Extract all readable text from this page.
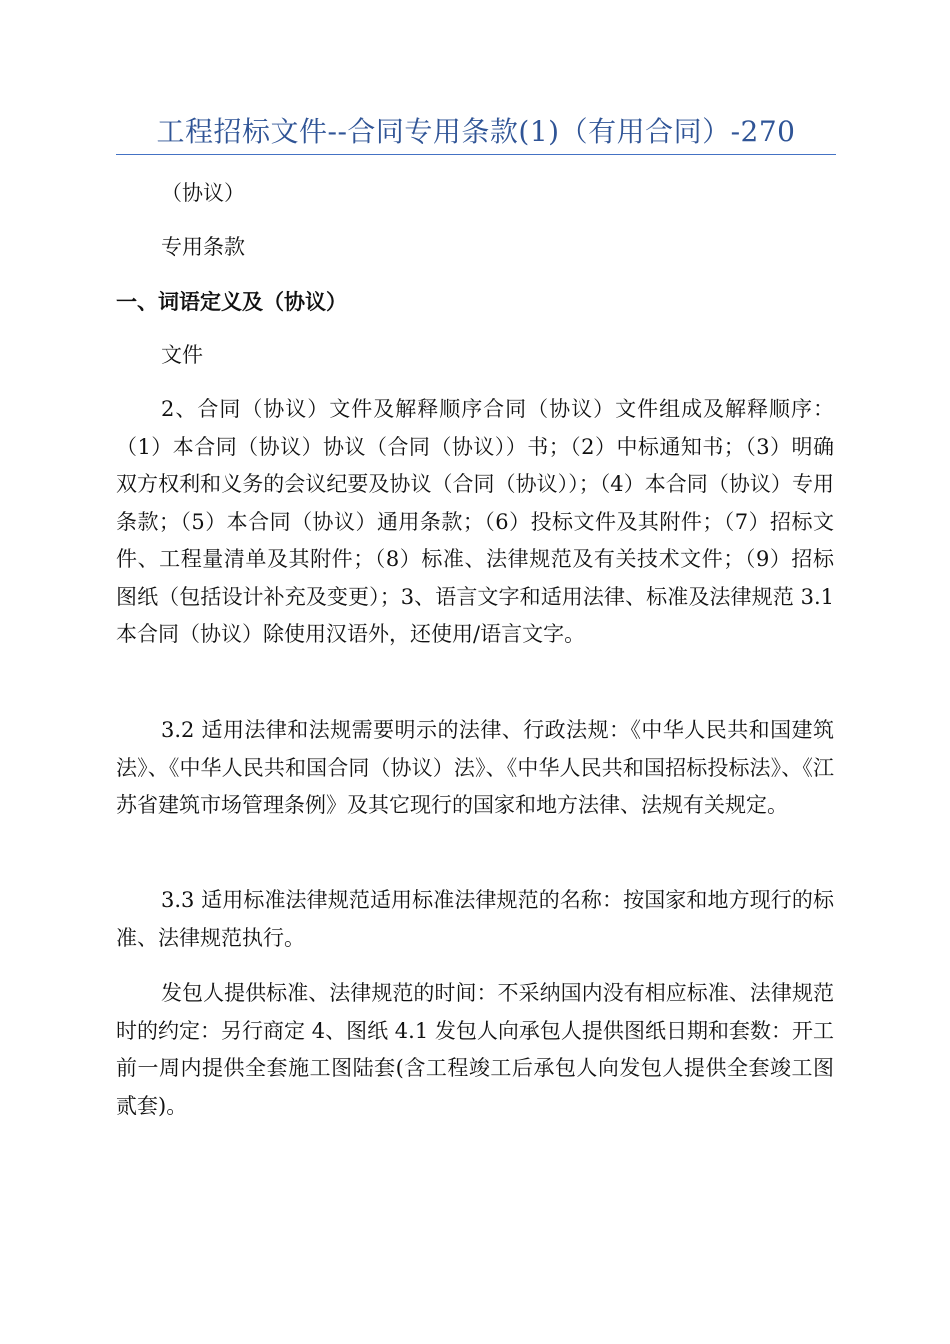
工程招标文件--合同专用条款(1)（有用合同）-270

（协议）

专用条款

一、词语定义及（协议）

文件

2、合同（协议）文件及解释顺序合同（协议）文件组成及解释顺序：（1）本合同（协议）协议（合同（协议））书；（2）中标通知书；（3）明确双方权利和义务的会议纪要及协议（合同（协议））；（4）本合同（协议）专用条款；（5）本合同（协议）通用条款；（6）投标文件及其附件；（7）招标文件、工程量清单及其附件；（8）标准、法律规范及有关技术文件；（9）招标图纸（包括设计补充及变更）；3、语言文字和适用法律、标准及法律规范 3.1 本合同（协议）除使用汉语外，还使用/语言文字。

3.2 适用法律和法规需要明示的法律、行政法规：《中华人民共和国建筑法》、《中华人民共和国合同（协议）法》、《中华人民共和国招标投标法》、《江苏省建筑市场管理条例》及其它现行的国家和地方法律、法规有关规定。

3.3 适用标准法律规范适用标准法律规范的名称：按国家和地方现行的标准、法律规范执行。

发包人提供标准、法律规范的时间：不采纳国内没有相应标准、法律规范时的约定：另行商定 4、图纸 4.1 发包人向承包人提供图纸日期和套数：开工前一周内提供全套施工图陆套(含工程竣工后承包人向发包人提供全套竣工图贰套)。
